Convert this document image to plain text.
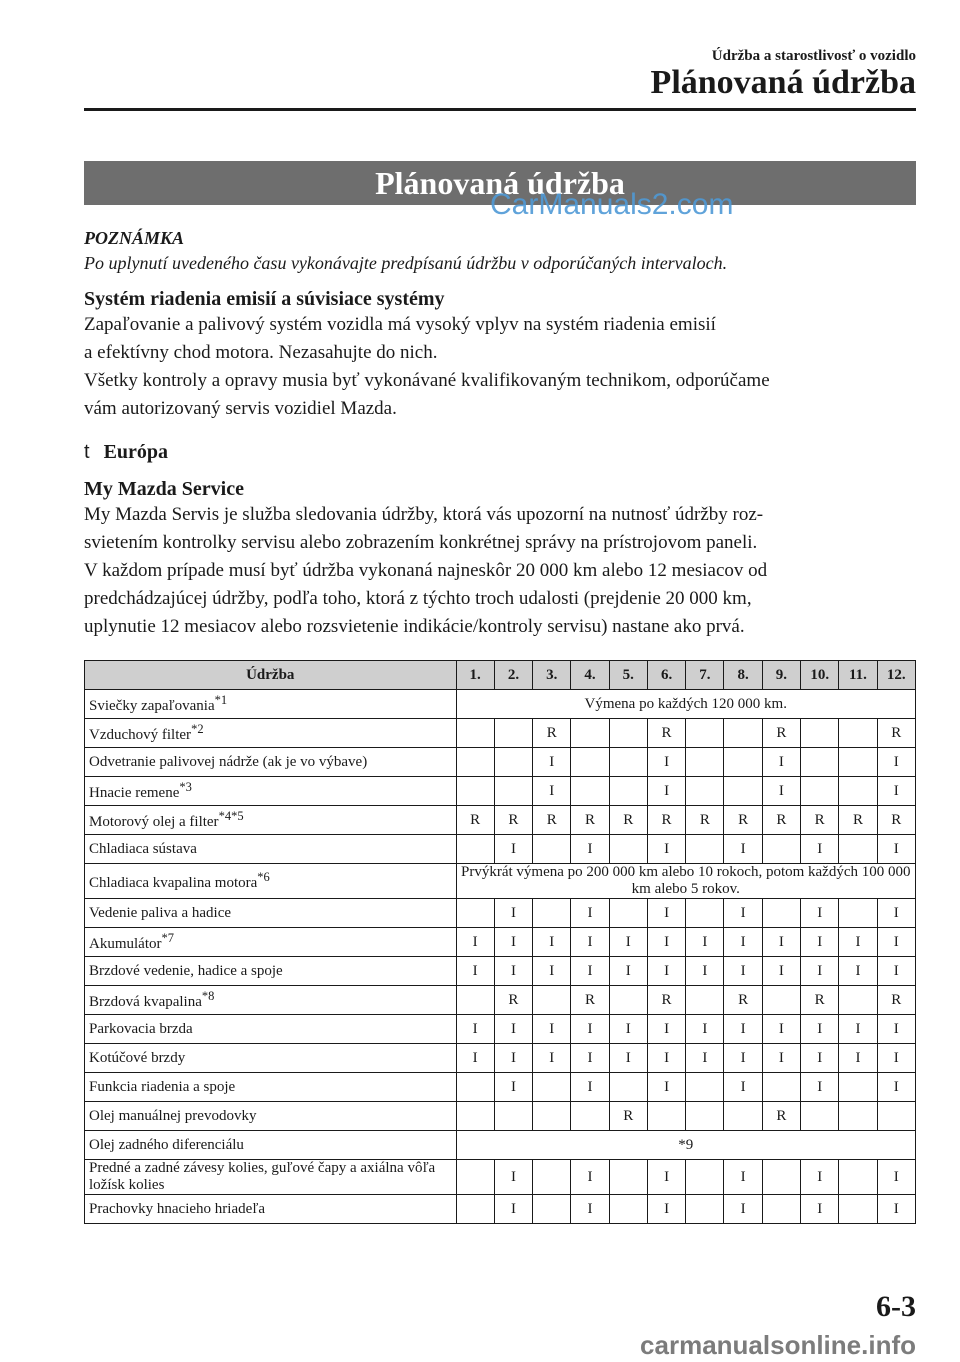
Údržba a starostlivosť o vozidlo
Plánovaná údržba
Plánovaná údržba
CarManuals2.com
POZNÁMKA
Po uplynutí uvedeného času vykonávajte predpísanú údržbu v odporúčaných intervaloch.
Systém riadenia emisií a súvisiace systémy
Zapaľovanie a palivový systém vozidla má vysoký vplyv na systém riadenia emisií
a efektívny chod motora. Nezasahujte do nich.
Všetky kontroly a opravy musia byť vykonávané kvalifikovaným technikom, odporúčame
vám autorizovaný servis vozidiel Mazda.
t Európa
My Mazda Service
My Mazda Servis je služba sledovania údržby, ktorá vás upozorní na nutnosť údržby roz-
svietením kontrolky servisu alebo zobrazením konkrétnej správy na prístrojovom paneli.
V každom prípade musí byť údržba vykonaná najneskôr 20 000 km alebo 12 mesiacov od
predchádzajúcej údržby, podľa toho, ktorá z týchto troch udalosti (prejdenie 20 000 km,
uplynutie 12 mesiacov alebo rozsvietenie indikácie/kontroly servisu) nastane ako prvá.
Údržba	1.	2.	3.	4.	5.	6.	7.	8.	9.	10.	11.	12.
Sviečky zapaľovania$^{*1}$	Výmena po každých 120 000 km.											
Vzduchový filter$^{*2}$			R			R			R			R
Odvetranie palivovej nádrže (ak je vo výbave)			I			I			I			I
Hnacie remene$^{*3}$			I			I			I			I
Motorový olej a filter$^{*4*5}$	R	R	R	R	R	R	R	R	R	R	R	R
Chladiaca sústava		I		I		I		I		I		I
Chladiaca kvapalina motora$^{*6}$	Prvýkrát výmena po 200 000 km alebo 10 rokoch, potom každých 100 000 km alebo 5 rokov.											
Vedenie paliva a hadice		I		I		I		I		I		I
Akumulátor$^{*7}$	I	I	I	I	I	I	I	I	I	I	I	I
Brzdové vedenie, hadice a spoje	I	I	I	I	I	I	I	I	I	I	I	I
Brzdová kvapalina$^{*8}$		R		R		R		R		R		R
Parkovacia brzda	I	I	I	I	I	I	I	I	I	I	I	I
Kotúčové brzdy	I	I	I	I	I	I	I	I	I	I	I	I
Funkcia riadenia a spoje		I		I		I		I		I		I
Olej manuálnej prevodovky					R				R			
Olej zadného diferenciálu	*9											
Predné a zadné závesy kolies, guľové čapy a axiálna vôľa ložísk kolies		I		I		I		I		I		I
Prachovky hnacieho hriadeľa		I		I		I		I		I		I
6-3
carmanualsonline.info
